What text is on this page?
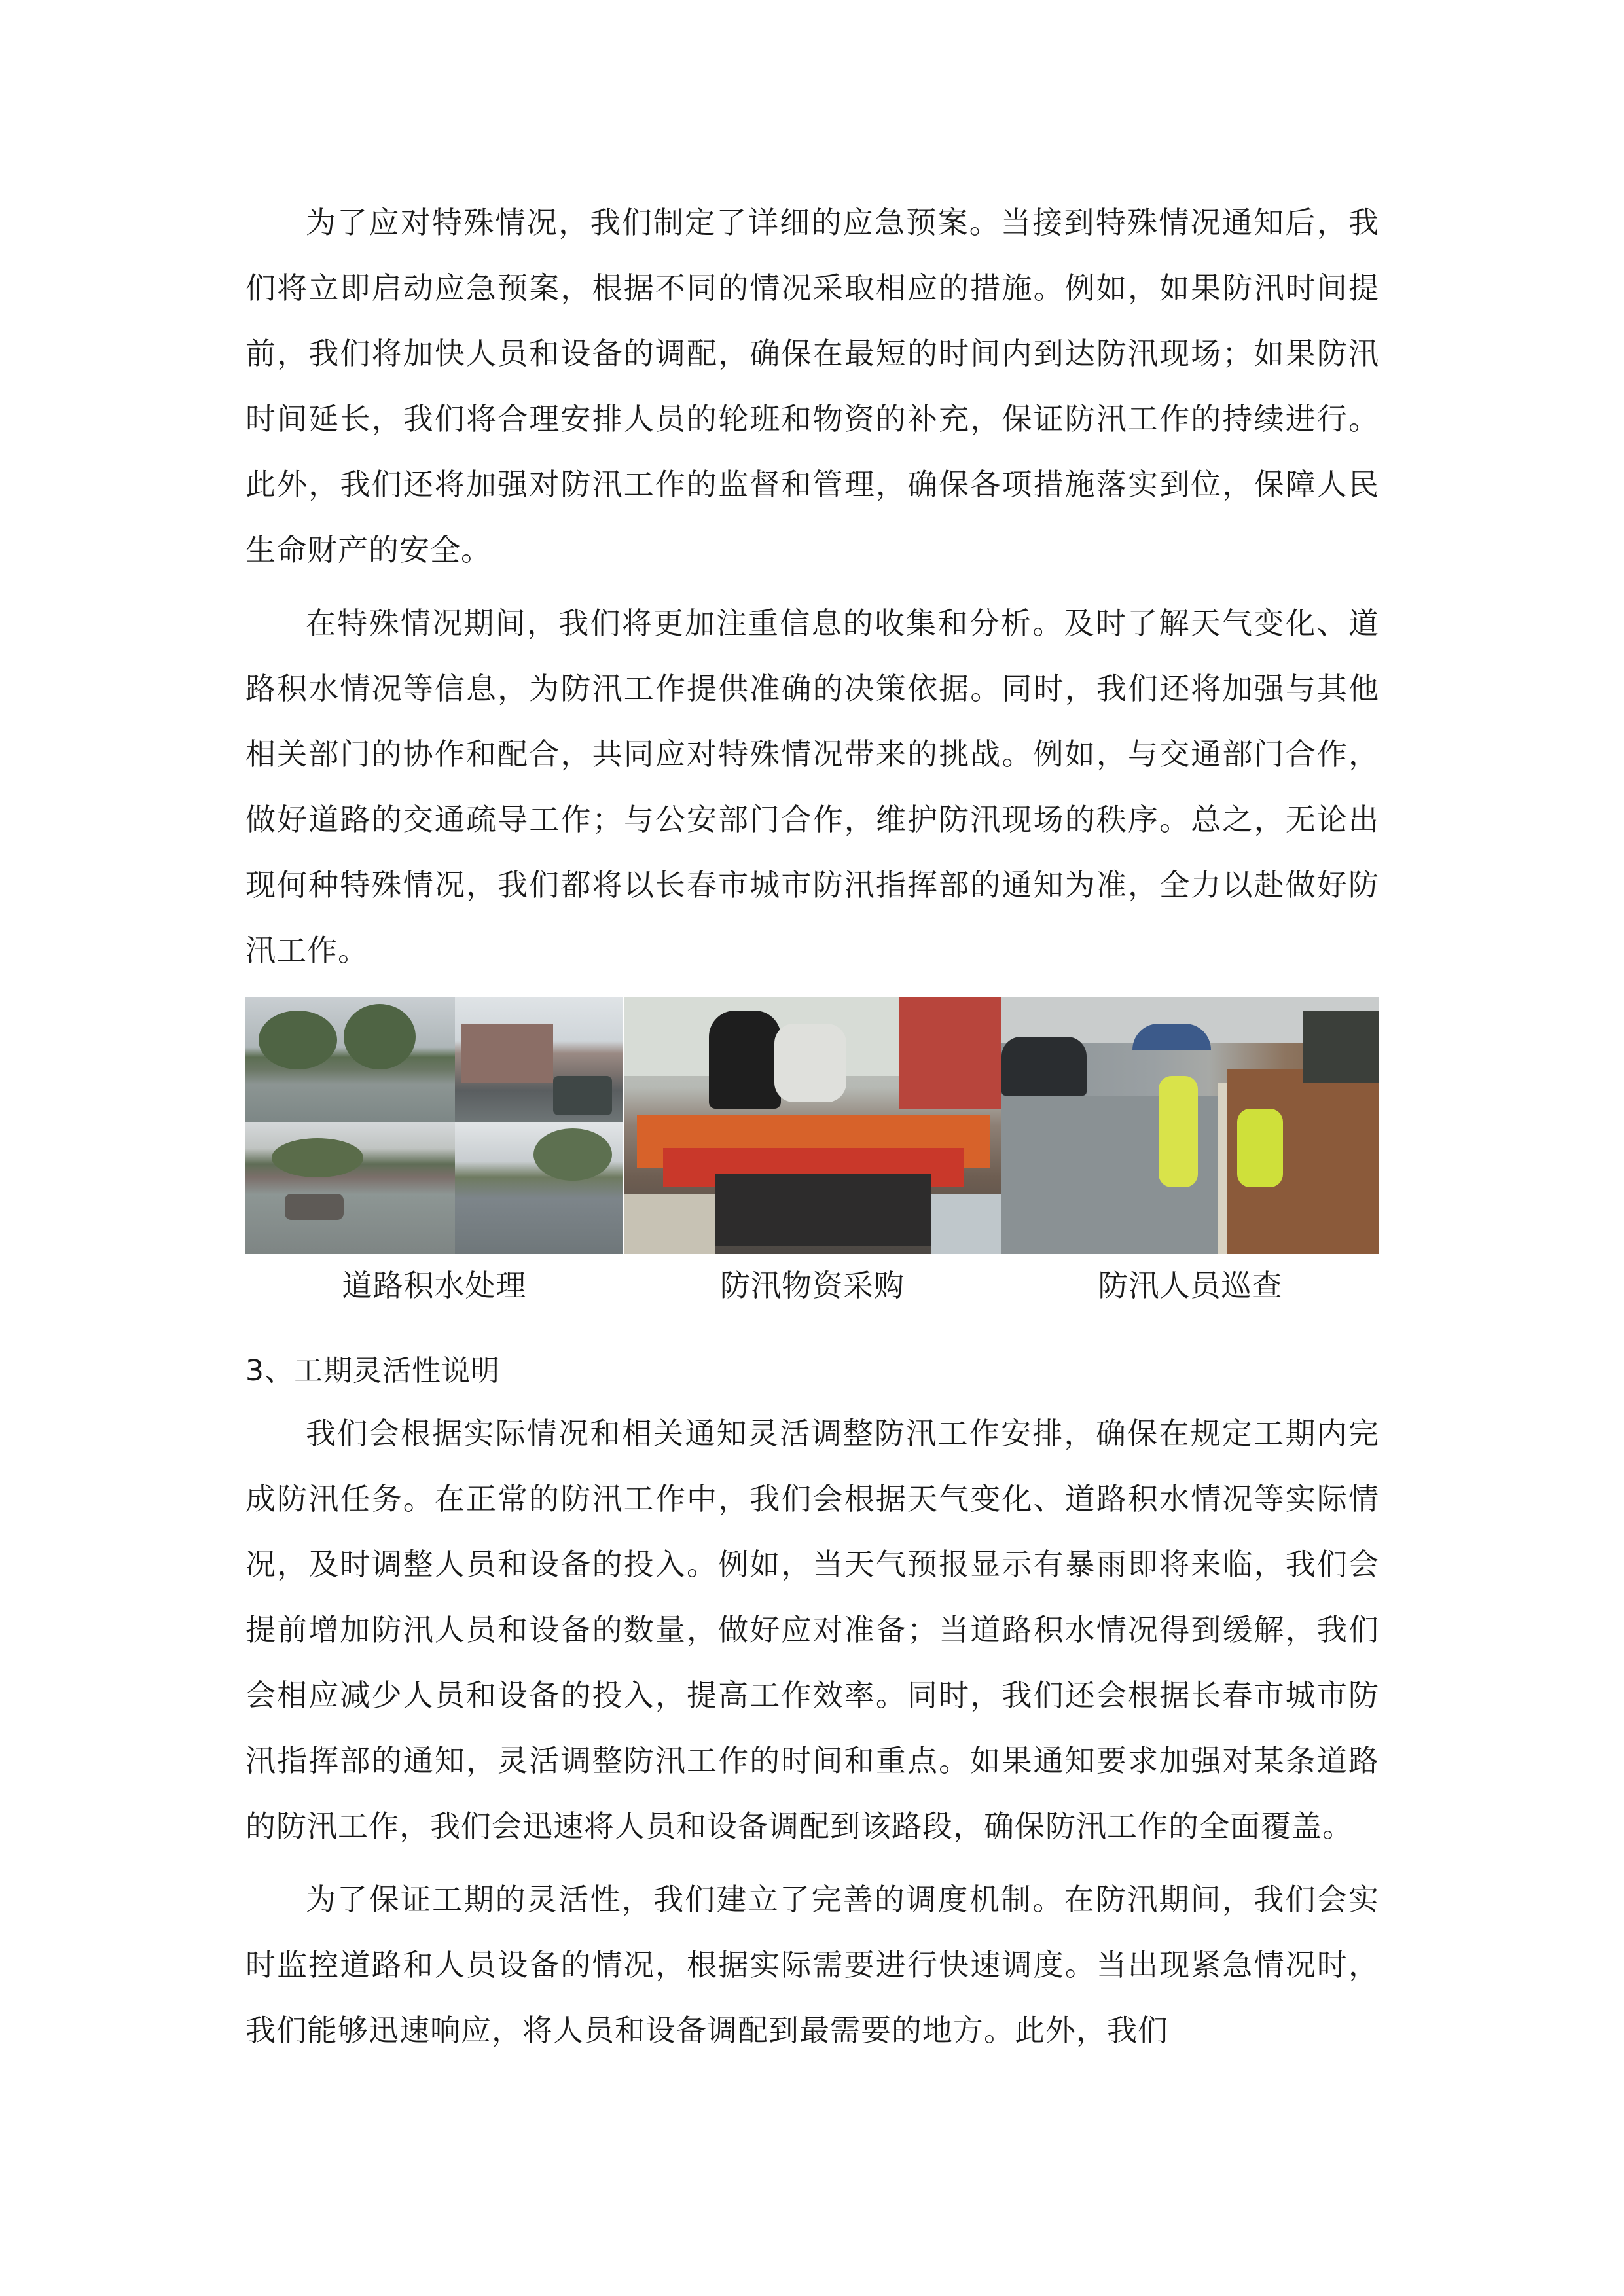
为了应对特殊情况，我们制定了详细的应急预案。当接到特殊情况通知后，我们将立即启动应急预案，根据不同的情况采取相应的措施。例如，如果防汛时间提前，我们将加快人员和设备的调配，确保在最短的时间内到达防汛现场；如果防汛时间延长，我们将合理安排人员的轮班和物资的补充，保证防汛工作的持续进行。此外，我们还将加强对防汛工作的监督和管理，确保各项措施落实到位，保障人民生命财产的安全。

在特殊情况期间，我们将更加注重信息的收集和分析。及时了解天气变化、道路积水情况等信息，为防汛工作提供准确的决策依据。同时，我们还将加强与其他相关部门的协作和配合，共同应对特殊情况带来的挑战。例如，与交通部门合作，做好道路的交通疏导工作；与公安部门合作，维护防汛现场的秩序。总之，无论出现何种特殊情况，我们都将以长春市城市防汛指挥部的通知为准，全力以赴做好防汛工作。

道路积水处理	防汛物资采购	防汛人员巡查
3、工期灵活性说明

我们会根据实际情况和相关通知灵活调整防汛工作安排，确保在规定工期内完成防汛任务。在正常的防汛工作中，我们会根据天气变化、道路积水情况等实际情况，及时调整人员和设备的投入。例如，当天气预报显示有暴雨即将来临，我们会提前增加防汛人员和设备的数量，做好应对准备；当道路积水情况得到缓解，我们会相应减少人员和设备的投入，提高工作效率。同时，我们还会根据长春市城市防汛指挥部的通知，灵活调整防汛工作的时间和重点。如果通知要求加强对某条道路的防汛工作，我们会迅速将人员和设备调配到该路段，确保防汛工作的全面覆盖。

为了保证工期的灵活性，我们建立了完善的调度机制。在防汛期间，我们会实时监控道路和人员设备的情况，根据实际需要进行快速调度。当出现紧急情况时，我们能够迅速响应，将人员和设备调配到最需要的地方。此外，我们
